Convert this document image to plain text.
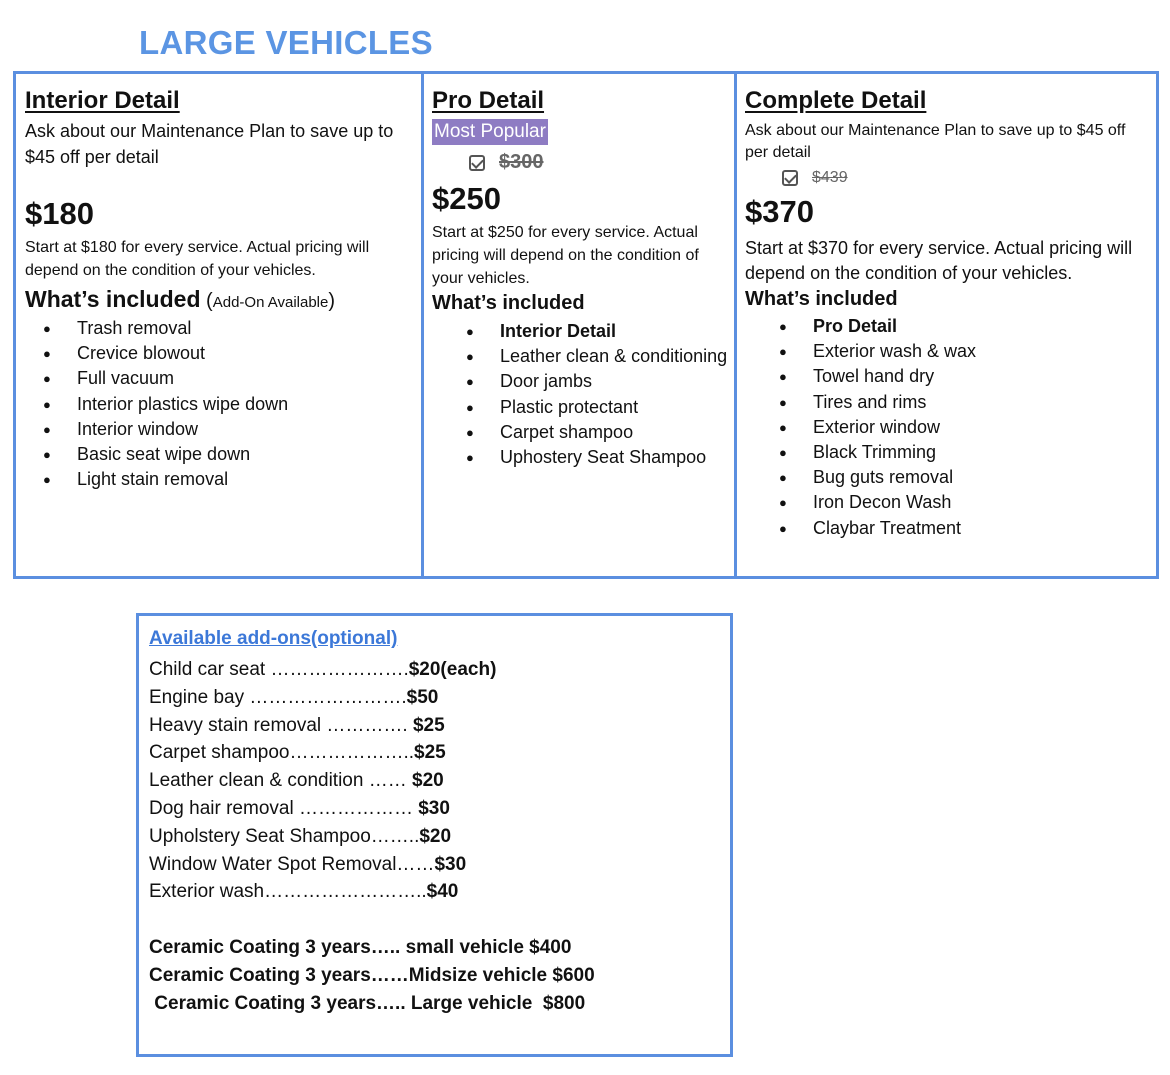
LARGE VEHICLES
Interior Detail
Ask about our Maintenance Plan to save up to $45 off per detail
$180
Start at $180 for every service. Actual pricing will depend on the condition of your vehicles.
What’s included (Add-On Available)
● Trash removal
● Crevice blowout
● Full vacuum
● Interior plastics wipe down
● Interior window
● Basic seat wipe down
● Light stain removal
Pro Detail
Most Popular
$300
$250
Start at $250 for every service. Actual pricing will depend on the condition of your vehicles.
What’s included
● Interior Detail
● Leather clean & conditioning
● Door jambs
● Plastic protectant
● Carpet shampoo
● Uphostery Seat Shampoo
Complete Detail
Ask about our Maintenance Plan to save up to $45 off per detail
$439
$370
Start at $370 for every service. Actual pricing will depend on the condition of your vehicles.
What’s included
● Pro Detail
● Exterior wash & wax
● Towel hand dry
● Tires and rims
● Exterior window
● Black Trimming
● Bug guts removal
● Iron Decon Wash
● Claybar Treatment
Available add-ons(optional)
Child car seat ………………….$20(each)
Engine bay …………………….$50
Heavy stain removal …………. $25
Carpet shampoo………………..$25
Leather clean & condition …… $20
Dog hair removal ……………… $30
Upholstery Seat Shampoo……..$20
Window Water Spot Removal……$30
Exterior wash……………………..$40
Ceramic Coating 3 years….. small vehicle $400
Ceramic Coating 3 years……Midsize vehicle $600
Ceramic Coating 3 years….. Large vehicle  $800
